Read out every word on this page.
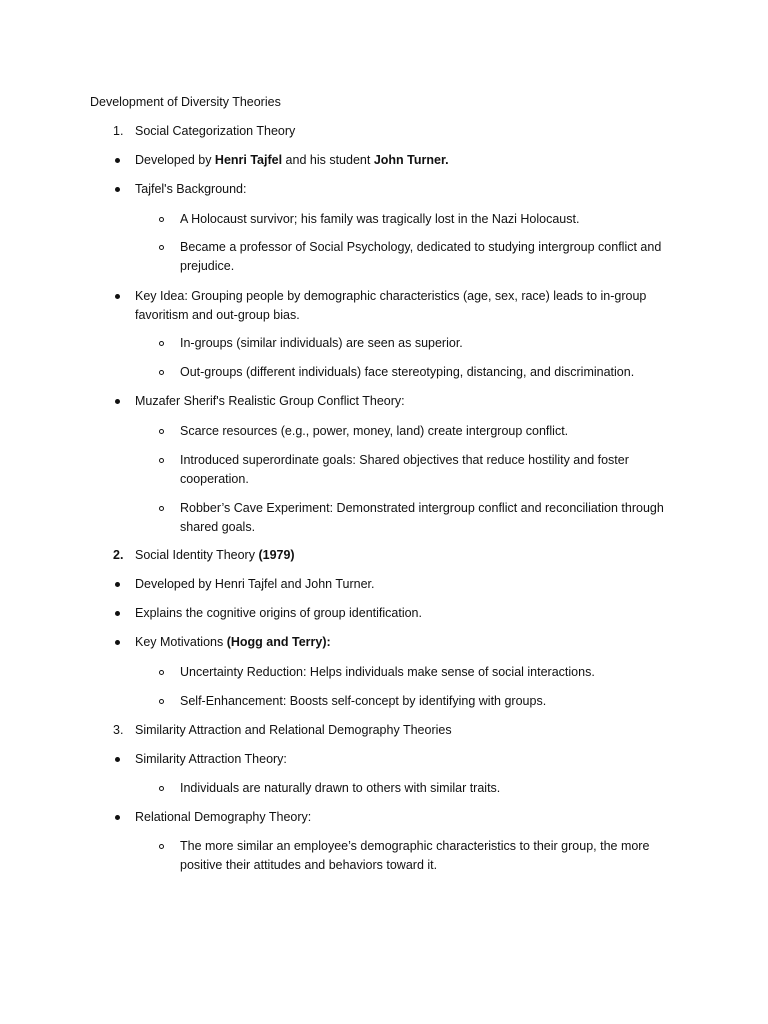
Development of Diversity Theories
1. Social Categorization Theory
Developed by Henri Tajfel and his student John Turner.
Tajfel's Background:
A Holocaust survivor; his family was tragically lost in the Nazi Holocaust.
Became a professor of Social Psychology, dedicated to studying intergroup conflict and
prejudice.
Key Idea: Grouping people by demographic characteristics (age, sex, race) leads to in-group
favoritism and out-group bias.
In-groups (similar individuals) are seen as superior.
Out-groups (different individuals) face stereotyping, distancing, and discrimination.
Muzafer Sherif's Realistic Group Conflict Theory:
Scarce resources (e.g., power, money, land) create intergroup conflict.
Introduced superordinate goals: Shared objectives that reduce hostility and foster
cooperation.
Robber’s Cave Experiment: Demonstrated intergroup conflict and reconciliation through
shared goals.
2. Social Identity Theory (1979)
Developed by Henri Tajfel and John Turner.
Explains the cognitive origins of group identification.
Key Motivations (Hogg and Terry):
Uncertainty Reduction: Helps individuals make sense of social interactions.
Self-Enhancement: Boosts self-concept by identifying with groups.
3. Similarity Attraction and Relational Demography Theories
Similarity Attraction Theory:
Individuals are naturally drawn to others with similar traits.
Relational Demography Theory:
The more similar an employee’s demographic characteristics to their group, the more
positive their attitudes and behaviors toward it.
